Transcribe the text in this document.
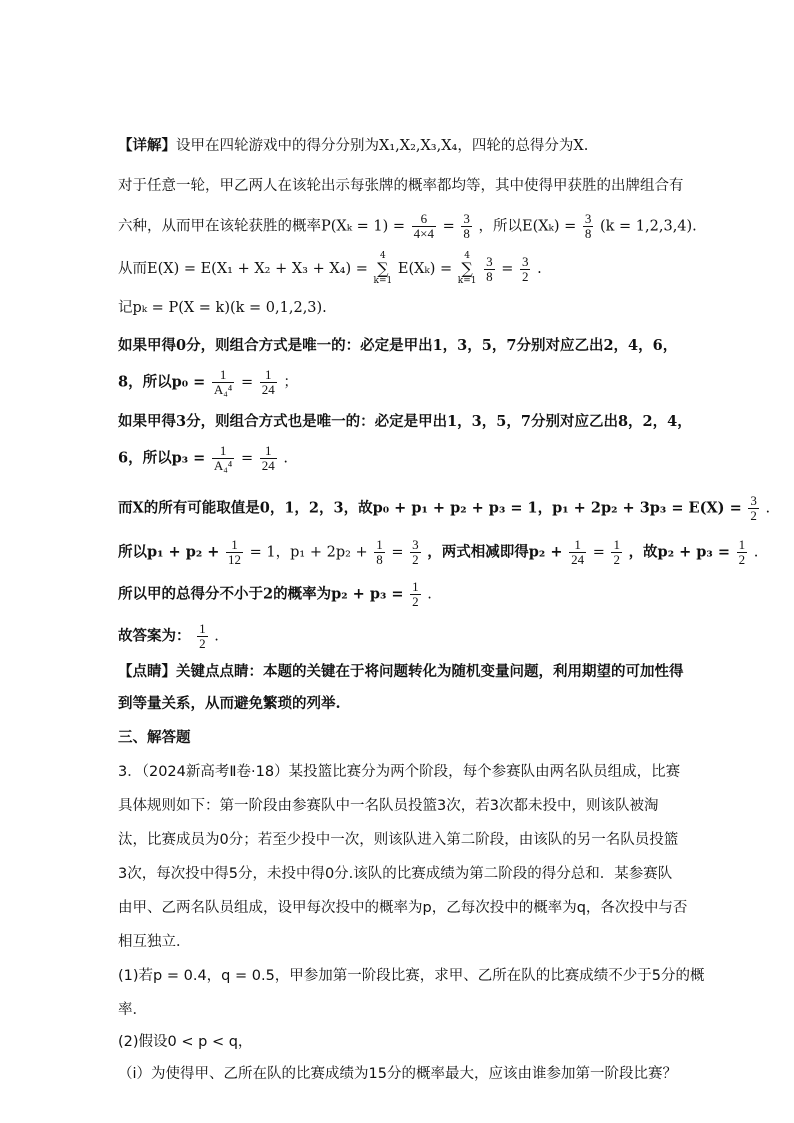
【详解】设甲在四轮游戏中的得分分别为X₁,X₂,X₃,X₄，四轮的总得分为X.
对于任意一轮，甲乙两人在该轮出示每张牌的概率都均等，其中使得甲获胜的出牌组合有
六种，从而甲在该轮获胜的概率$P(X_k = 1) = \frac{6}{4\times 4} = \frac{3}{8}$ ，所以$E(X_k) = \frac{3}{8} (k = 1,2,3,4)$.
从而E(X) = E(X₁ + X₂ + X₃ + X₄) = 4
∑
k=1 E(Xₖ) = 4
∑
$k=1 \frac{3}{8} = \frac{3}{2}$ .
记pₖ = P(X = k)(k = 0,1,2,3).
如果甲得0分，则组合方式是唯一的：必定是甲出1，3，5，7分别对应乙出2，4，6，
8，所以$p_0 = \frac{1}{\text{A₄⁴}} = \frac{1}{24}$ ；
如果甲得3分，则组合方式也是唯一的：必定是甲出1，3，5，7分别对应乙出8，2，4，
6，所以$p_3 = \frac{1}{\text{A₄⁴}} = \frac{1}{24}$ .
而X的所有可能取值是0，1，2，3，故p₀ + p₁ + p₂ + p₃ = 1，$p_1 + 2p_2 + 3p_3 = E(X) = \frac{3}{2}$ .
所以$p_1 + p_2 + \frac{1}{12} = 1$，$p_1 + 2p_2 + \frac{1}{8} = \frac{3}{2}$ ，两式相减即得$p_2 + \frac{1}{24} = \frac{1}{2}$ ，故$p_2 + p_3 = \frac{1}{2}$ .
所以甲的总得分不小于2的概率为$p_2 + p_3 = \frac{1}{2}$ .
故答案为： $\frac{1}{2}$ .
【点睛】关键点点睛：本题的关键在于将问题转化为随机变量问题，利用期望的可加性得
到等量关系，从而避免繁琐的列举.
三、解答题
3．（2024新高考Ⅱ卷·18）某投篮比赛分为两个阶段，每个参赛队由两名队员组成，比赛
具体规则如下：第一阶段由参赛队中一名队员投篮3次，若3次都未投中，则该队被淘
汰，比赛成员为0分；若至少投中一次，则该队进入第二阶段，由该队的另一名队员投篮
3次，每次投中得5分，未投中得0分.该队的比赛成绩为第二阶段的得分总和．某参赛队
由甲、乙两名队员组成，设甲每次投中的概率为p，乙每次投中的概率为q，各次投中与否
相互独立．
(1)若p = 0.4，q = 0.5，甲参加第一阶段比赛，求甲、乙所在队的比赛成绩不少于5分的概
率．
(2)假设0 < p < q，
（i）为使得甲、乙所在队的比赛成绩为15分的概率最大，应该由谁参加第一阶段比赛？
